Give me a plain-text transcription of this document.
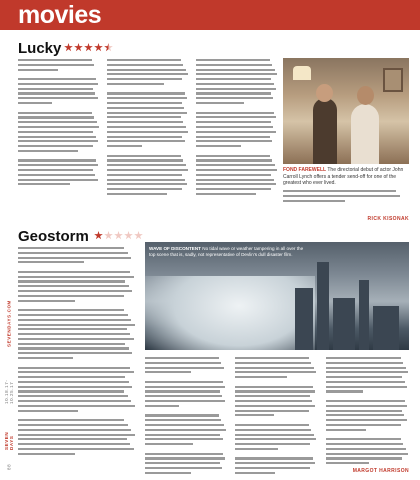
88
SEVEN DAYS
10.18.17-10.25.17
SEVENDAYS.COM
movies
Lucky
FOND FAREWELL The directorial debut of actor John Carroll Lynch offers a tender send-off for one of the greatest who ever lived.
RICK KISONAK
Geostorm
WAVE OF DISCONTENT No tidal wave or weather tampering in all over the top scene that is, sadly, not representative of Devlin's dull disaster film.
MARGOT HARRISON
